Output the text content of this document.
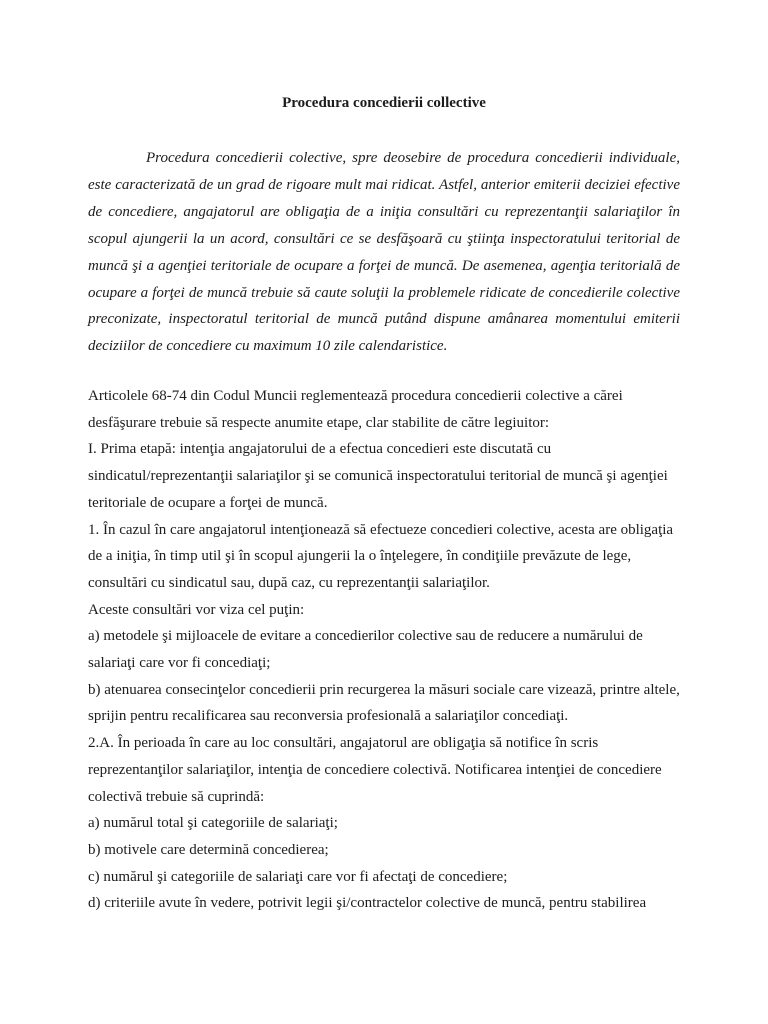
Procedura concedierii collective

Procedura concedierii colective, spre deosebire de procedura concedierii individuale, este caracterizată de un grad de rigoare mult mai ridicat. Astfel, anterior emiterii deciziei efective de concediere, angajatorul are obligaţia de a iniţia consultări cu reprezentanţii salariaţilor în scopul ajungerii la un acord, consultări ce se desfăşoară cu ştiinţa inspectoratului teritorial de muncă şi a agenţiei teritoriale de ocupare a forţei de muncă. De asemenea, agenţia teritorială de ocupare a forţei de muncă trebuie să caute soluţii la problemele ridicate de concedierile colective preconizate, inspectoratul teritorial de muncă putând dispune amânarea momentului emiterii deciziilor de concediere cu maximum 10 zile calendaristice.

Articolele 68-74 din Codul Muncii reglementează procedura concedierii colective a cărei desfăşurare trebuie să respecte anumite etape, clar stabilite de către legiuitor:

I. Prima etapă: intenţia angajatorului de a efectua concedieri este discutată cu sindicatul/reprezentanţii salariaţilor şi se comunică inspectoratului teritorial de muncă şi agenţiei teritoriale de ocupare a forţei de muncă.

1. În cazul în care angajatorul intenţionează să efectueze concedieri colective, acesta are obligaţia de a iniţia, în timp util şi în scopul ajungerii la o înţelegere, în condiţiile prevăzute de lege, consultări cu sindicatul sau, după caz, cu reprezentanţii salariaţilor.

Aceste consultări vor viza cel puţin:

a) metodele şi mijloacele de evitare a concedierilor colective sau de reducere a numărului de salariaţi care vor fi concediaţi;

b) atenuarea consecinţelor concedierii prin recurgerea la măsuri sociale care vizează, printre altele, sprijin pentru recalificarea sau reconversia profesională a salariaţilor concediaţi.

2.A. În perioada în care au loc consultări, angajatorul are obligaţia să notifice în scris reprezentanţilor salariaţilor, intenţia de concediere colectivă. Notificarea intenţiei de concediere colectivă trebuie să cuprindă:

a) numărul total şi categoriile de salariaţi;

b) motivele care determină concedierea;

c) numărul şi categoriile de salariaţi care vor fi afectaţi de concediere;

d) criteriile avute în vedere, potrivit legii şi/contractelor colective de muncă, pentru stabilirea
